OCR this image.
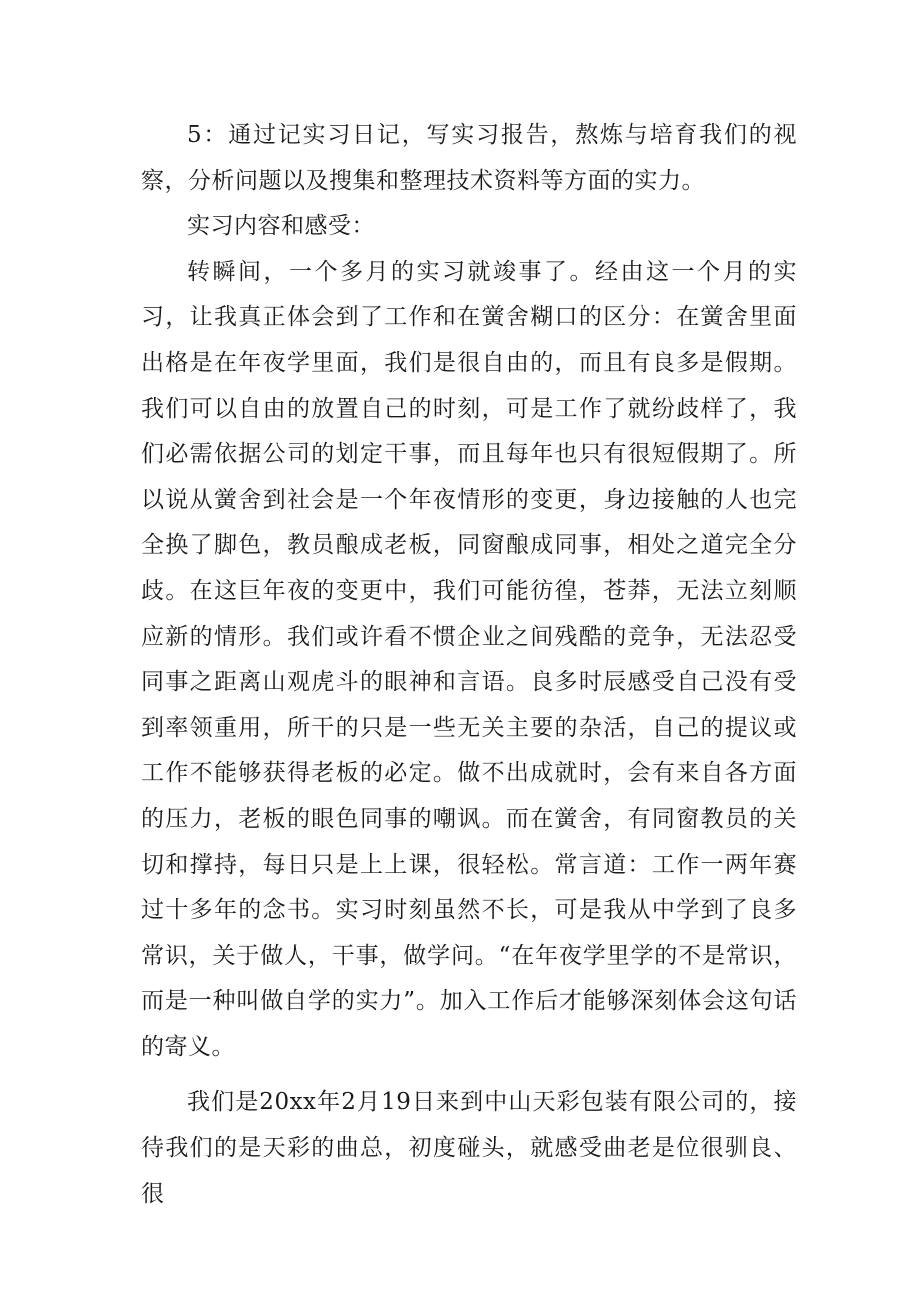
5：通过记实习日记，写实习报告，熬炼与培育我们的视察，分析问题以及搜集和整理技术资料等方面的实力。

实习内容和感受：

转瞬间，一个多月的实习就竣事了。经由这一个月的实习，让我真正体会到了工作和在黉舍糊口的区分：在黉舍里面出格是在年夜学里面，我们是很自由的，而且有良多是假期。我们可以自由的放置自己的时刻，可是工作了就纷歧样了，我们必需依据公司的划定干事，而且每年也只有很短假期了。所以说从黉舍到社会是一个年夜情形的变更，身边接触的人也完全换了脚色，教员酿成老板，同窗酿成同事，相处之道完全分歧。在这巨年夜的变更中，我们可能彷徨，苍莽，无法立刻顺应新的情形。我们或许看不惯企业之间残酷的竞争，无法忍受同事之距离山观虎斗的眼神和言语。良多时辰感受自己没有受到率领重用，所干的只是一些无关主要的杂活，自己的提议或工作不能够获得老板的必定。做不出成就时，会有来自各方面的压力，老板的眼色同事的嘲讽。而在黉舍，有同窗教员的关切和撑持，每日只是上上课，很轻松。常言道：工作一两年赛过十多年的念书。实习时刻虽然不长，可是我从中学到了良多常识，关于做人，干事，做学问。“在年夜学里学的不是常识，而是一种叫做自学的实力”。加入工作后才能够深刻体会这句话的寄义。

我们是20xx年2月19日来到中山天彩包装有限公司的，接待我们的是天彩的曲总，初度碰头，就感受曲老是位很驯良、很
